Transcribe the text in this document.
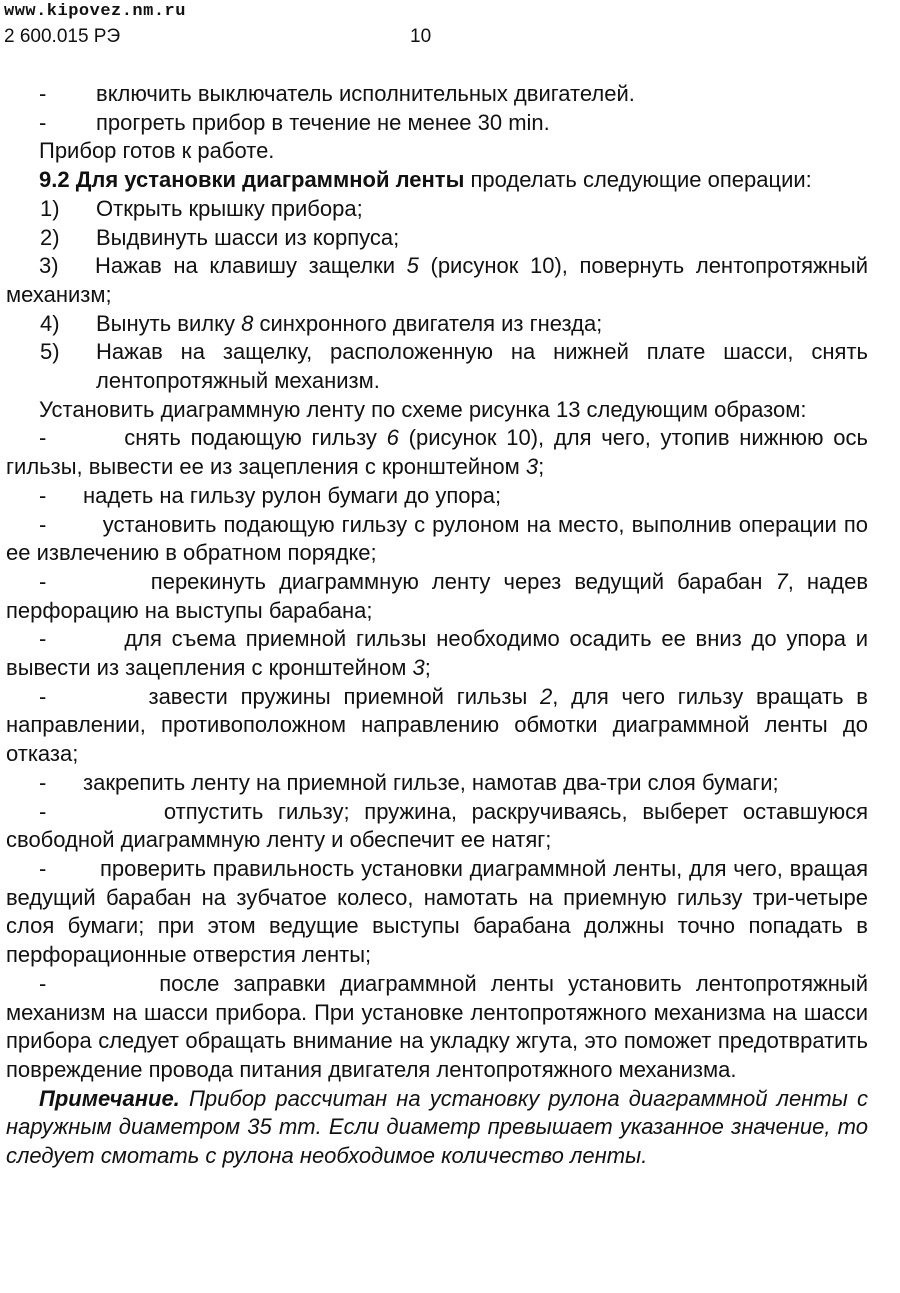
www.kipovez.nm.ru
2 600.015 РЭ	10

- включить выключатель исполнительных двигателей.

- прогреть прибор в течение не менее 30 min.

Прибор готов к работе.

9.2 Для установки диаграммной ленты проделать следующие операции:

1) Открыть крышку прибора;

2) Выдвинуть шасси из корпуса;

3) Нажав на клавишу защелки 5 (рисунок 10), повернуть лентопротяжный механизм;

4) Вынуть вилку 8 синхронного двигателя из гнезда;

5) Нажав на защелку, расположенную на нижней плате шасси, снять лентопротяжный механизм.

Установить диаграммную ленту по схеме рисунка 13 следующим образом:

-	снять подающую гильзу 6 (рисунок 10), для чего, утопив нижнюю ось гильзы, вывести ее из зацепления с кронштейном 3;

- надеть на гильзу рулон бумаги до упора;

-	установить подающую гильзу с рулоном на место, выполнив операции по ее извлечению в обратном порядке;

-	перекинуть диаграммную ленту через ведущий барабан 7, надев перфорацию на выступы барабана;

-	для съема приемной гильзы необходимо осадить ее вниз до упора и вывести из зацепления с кронштейном 3;

-	завести пружины приемной гильзы 2, для чего гильзу вращать в направлении, противоположном направлению обмотки диаграммной ленты до отказа;

- закрепить ленту на приемной гильзе, намотав два-три слоя бумаги;

-	отпустить гильзу; пружина, раскручиваясь, выберет оставшуюся свободной диаграммную ленту и обеспечит ее натяг;

- проверить правильность установки диаграммной ленты, для чего, вращая ведущий барабан на зубчатое колесо, намотать на приемную гильзу три-четыре слоя бумаги; при этом ведущие выступы барабана должны точно попадать в перфорационные отверстия ленты;

-	после заправки диаграммной ленты установить лентопротяжный механизм на шасси прибора. При установке лентопротяжного механизма на шасси прибора следует обращать внимание на укладку жгута, это поможет предотвратить повреждение провода питания двигателя лентопротяжного механизма.

Примечание. Прибор рассчитан на установку рулона диаграммной ленты с наружным диаметром 35 mm. Если диаметр превышает указанное значение, то следует смотать с рулона необходимое количество ленты.
